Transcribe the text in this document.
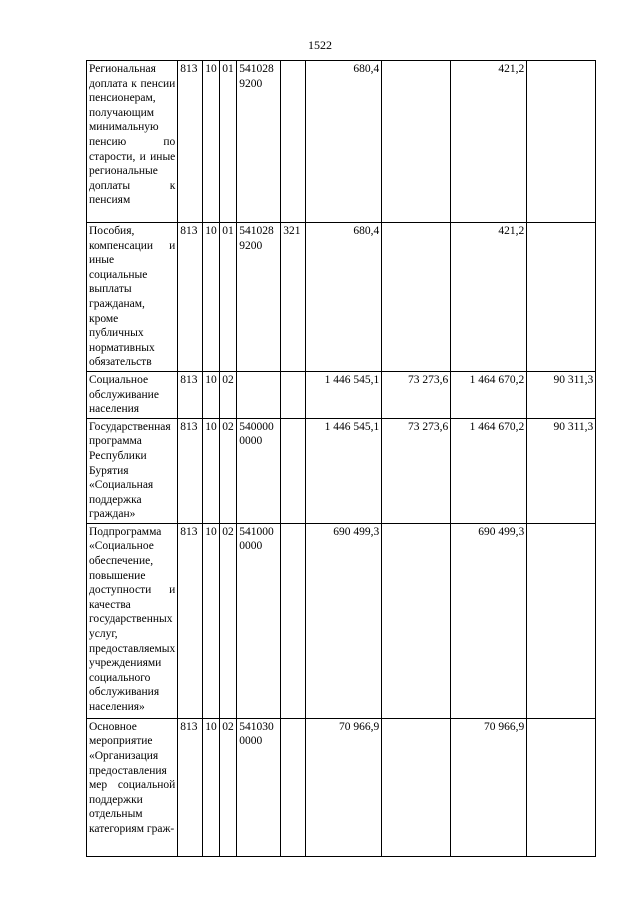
1522
Региональная доплата к пенсии пенсионерам, получающим минимальную пенсию по старости, и иные региональные доплаты к пенсиям	813	10	01	541028 9200		680,4		421,2	
Пособия, компенсации и иные социальные выплаты гражданам, кроме публичных нормативных обязательств	813	10	01	541028 9200	321	680,4		421,2	
Социальное обслуживание населения	813	10	02			1 446 545,1	73 273,6	1 464 670,2	90 311,3
Государственная программа Республики Бурятия «Социальная поддержка граждан»	813	10	02	540000 0000		1 446 545,1	73 273,6	1 464 670,2	90 311,3
Подпрограмма «Социальное обеспечение, повышение доступности и качества государственных услуг, предоставляемых учреждениями социального обслуживания населения»	813	10	02	541000 0000		690 499,3		690 499,3	
Основное мероприятие «Организация предоставления мер социальной поддержки отдельным категориям граж-	813	10	02	541030 0000		70 966,9		70 966,9	
